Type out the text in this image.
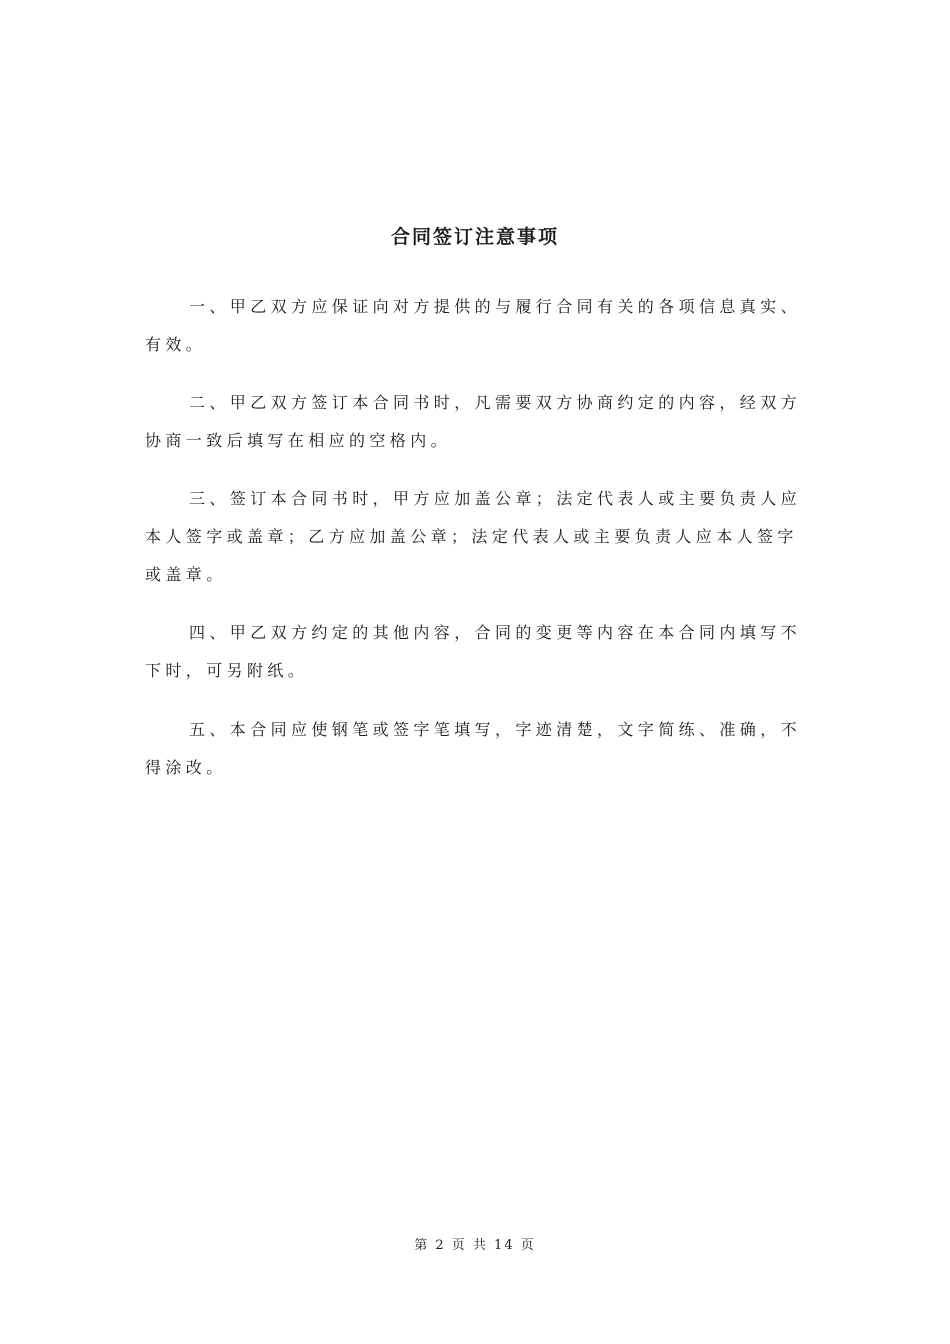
合同签订注意事项
一、甲乙双方应保证向对方提供的与履行合同有关的各项信息真实、有效。
二、甲乙双方签订本合同书时，凡需要双方协商约定的内容，经双方协商一致后填写在相应的空格内。
三、签订本合同书时，甲方应加盖公章；法定代表人或主要负责人应本人签字或盖章；乙方应加盖公章；法定代表人或主要负责人应本人签字或盖章。
四、甲乙双方约定的其他内容，合同的变更等内容在本合同内填写不下时，可另附纸。
五、本合同应使钢笔或签字笔填写，字迹清楚，文字简练、准确，不得涂改。
第 2 页 共 14 页
